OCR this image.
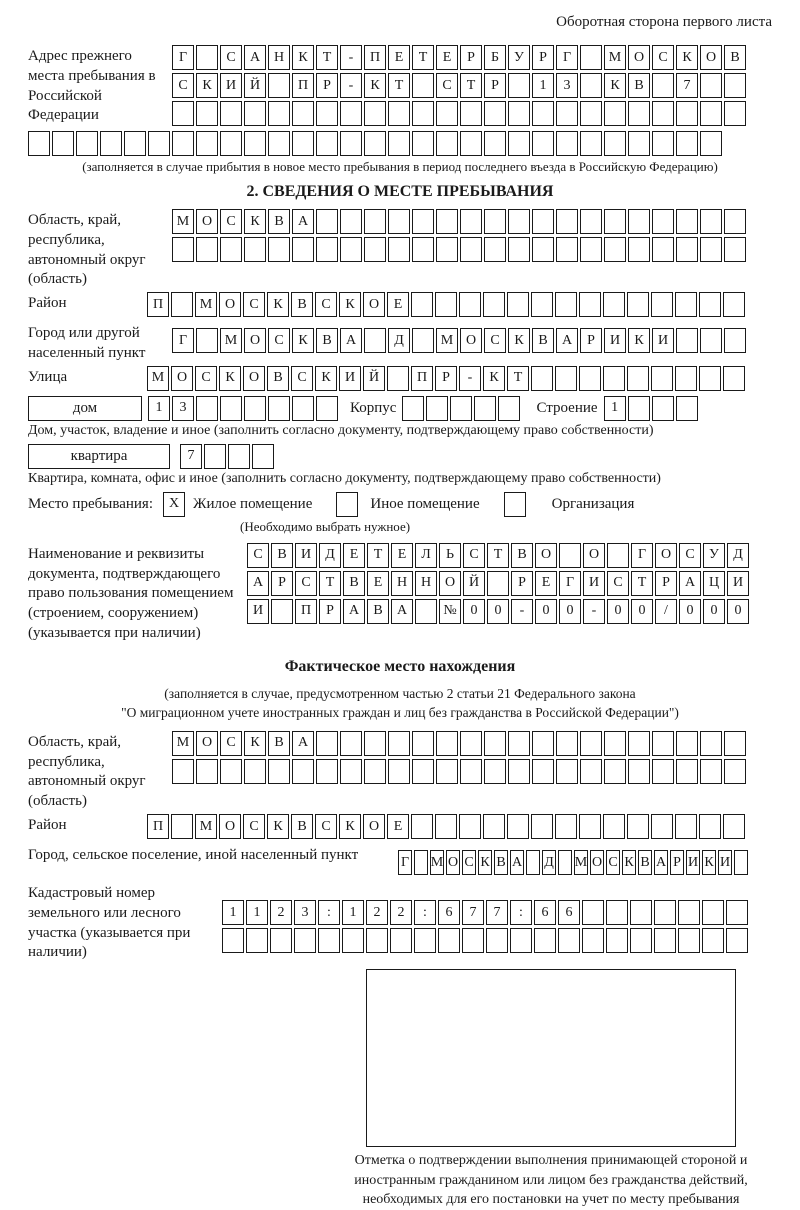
Оборотная сторона первого листа
Адрес прежнего места пребывания в Российской Федерации
Г	С	А Н	К	Т	-	П	Е	Т	Е	Р	Б	У	Р	Г	М О	С	К	О	В
С	К	И Й	П	Р	-	К	Т	С	Т	Р	1	3	К	В	7
(заполняется в случае прибытия в новое место пребывания в период последнего въезда в Российскую Федерацию)
2. СВЕДЕНИЯ О МЕСТЕ ПРЕБЫВАНИЯ
Область, край, республика, автономный округ (область)
М О	С	К	В	А
Район	П	М О	С	К	В	С	К	О	Е
Город или другой населенный пункт
Г	М О	С	К	В	А	Д	М О	С	К	В	А	Р	И	К	И
Улица	М О	С	К	О	В	С	К	И Й	П	Р	-	К	Т
дом	1	3	Корпус	Строение 1
Дом, участок, владение и иное (заполнить согласно документу, подтверждающему право собственности)
квартира	7
Квартира, комната, офис и иное (заполнить согласно документу, подтверждающему право собственности)
Место пребывания:	X Жилое помещение	Иное помещение	Организация
(Необходимо выбрать нужное)
Наименование и реквизиты документа, подтверждающего право пользования помещением (строением, сооружением) (указывается при наличии)
С	В	И	Д	Е	Т	Е	Л	Ь	С	Т	В	О	О	Г	О	С	У	Д
А	Р	С	Т	В	Е	Н Н О Й	Р	Е	Г	И	С	Т	Р	А Ц И
И	П	Р	А	В	А	№ 0	0	-	0	0	-	0	0	/	0	0	0
Фактическое место нахождения
(заполняется в случае, предусмотренном частью 2 статьи 21 Федерального закона
"О миграционном учете иностранных граждан и лиц без гражданства в Российской Федерации")
Область, край, республика, автономный округ (область)
М О	С	К	В	А
Район	П	М О	С	К	В	С	К	О	Е
Город, сельское поселение, иной населенный пункт	Г М О С К В А Д М О С К В А Р И К И
Кадастровый номер земельного или лесного участка (указывается при наличии)
1	1	2	3	:	1	2	2	:	6	7	7	:	6	6
Отметка о подтверждении выполнения принимающей стороной и иностранным гражданином или лицом без гражданства действий, необходимых для его постановки на учет по месту пребывания
